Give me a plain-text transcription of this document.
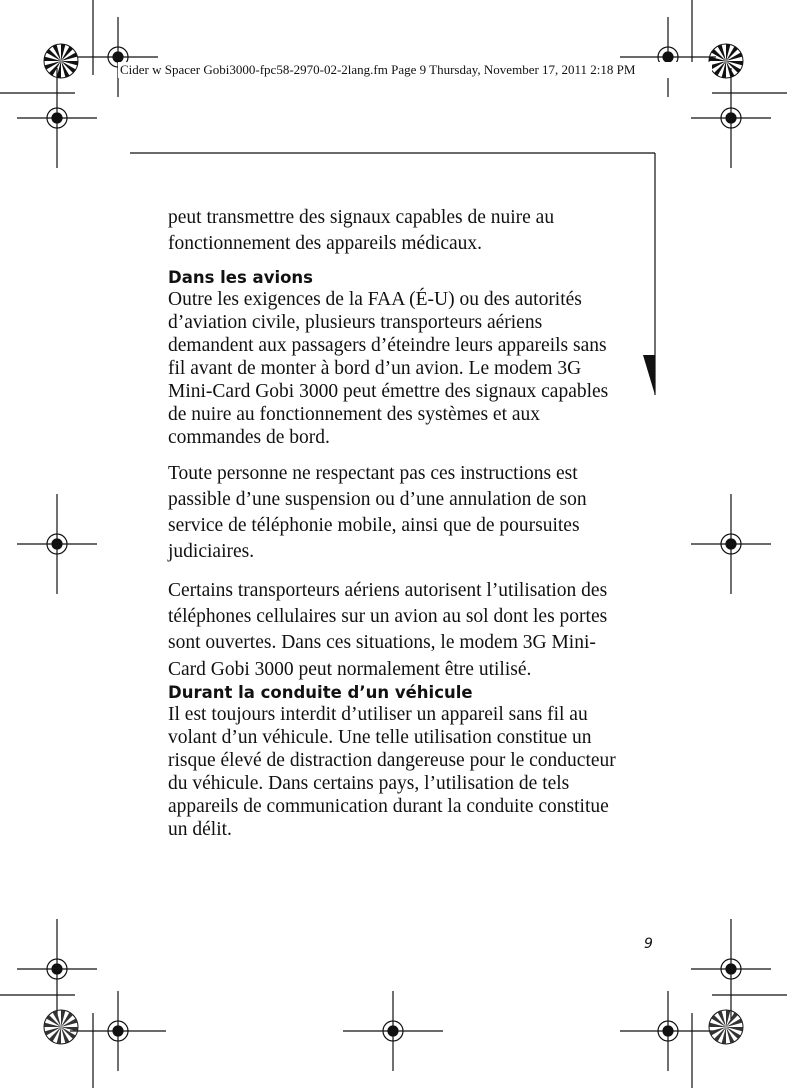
Cider w Spacer Gobi3000-fpc58-2970-02-2lang.fm Page 9 Thursday, November 17, 2011 2:18 PM

peut transmettre des signaux capables de nuire au fonctionnement des appareils médicaux.

Dans les avions

Outre les exigences de la FAA (É-U) ou des autorités d’aviation civile, plusieurs transporteurs aériens demandent aux passagers d’éteindre leurs appareils sans fil avant de monter à bord d’un avion. Le modem 3G Mini-Card Gobi 3000 peut émettre des signaux capables de nuire au fonctionnement des systèmes et aux commandes de bord.

Toute personne ne respectant pas ces instructions est passible d’une suspension ou d’une annulation de son service de téléphonie mobile, ainsi que de poursuites judiciaires.

Certains transporteurs aériens autorisent l’utilisation des téléphones cellulaires sur un avion au sol dont les portes sont ouvertes. Dans ces situations, le modem 3G Mini-Card Gobi 3000 peut normalement être utilisé.

Durant la conduite d’un véhicule

Il est toujours interdit d’utiliser un appareil sans fil au volant d’un véhicule. Une telle utilisation constitue un risque élevé de distraction dangereuse pour le conducteur du véhicule. Dans certains pays, l’utilisation de tels appareils de communication durant la conduite constitue un délit.

9
